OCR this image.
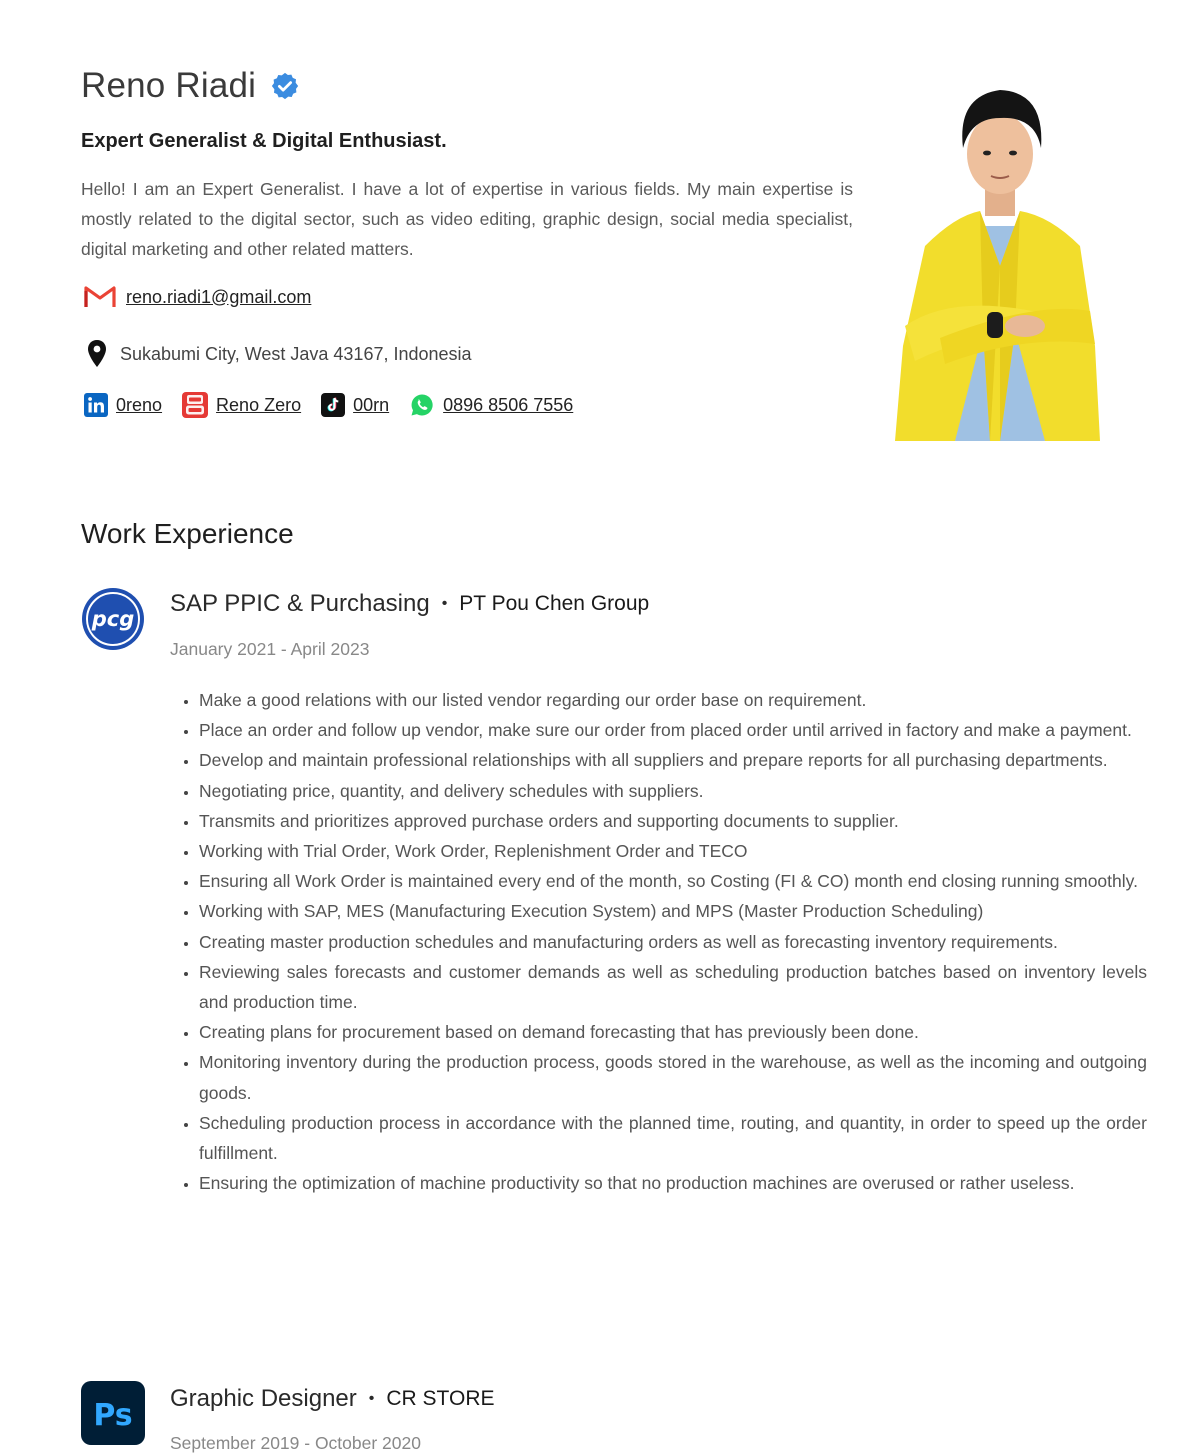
Reno Riadi
Expert Generalist & Digital Enthusiast.

Hello! I am an Expert Generalist. I have a lot of expertise in various fields. My main expertise is mostly related to the digital sector, such as video editing, graphic design, social media specialist, digital marketing and other related matters.

reno.riadi1@gmail.com
Sukabumi City, West Java 43167, Indonesia
0reno	Reno Zero	00rn	0896 8506 7556
Work Experience
pcg
SAP PPIC & Purchasing • PT Pou Chen Group
January 2021 - April 2023
• Make a good relations with our listed vendor regarding our order base on requirement.
• Place an order and follow up vendor, make sure our order from placed order until arrived in factory and make a payment.
• Develop and maintain professional relationships with all suppliers and prepare reports for all purchasing departments.
• Negotiating price, quantity, and delivery schedules with suppliers.
• Transmits and prioritizes approved purchase orders and supporting documents to supplier.
• Working with Trial Order, Work Order, Replenishment Order and TECO
• Ensuring all Work Order is maintained every end of the month, so Costing (FI & CO) month end closing running smoothly.
• Working with SAP, MES (Manufacturing Execution System) and MPS (Master Production Scheduling)
• Creating master production schedules and manufacturing orders as well as forecasting inventory requirements.
• Reviewing sales forecasts and customer demands as well as scheduling production batches based on inventory levels and production time.
• Creating plans for procurement based on demand forecasting that has previously been done.
• Monitoring inventory during the production process, goods stored in the warehouse, as well as the incoming and outgoing goods.
• Scheduling production process in accordance with the planned time, routing, and quantity, in order to speed up the order fulfillment.
• Ensuring the optimization of machine productivity so that no production machines are overused or rather useless.
Ps Graphic Designer • CR STORE
September 2019 - October 2020
